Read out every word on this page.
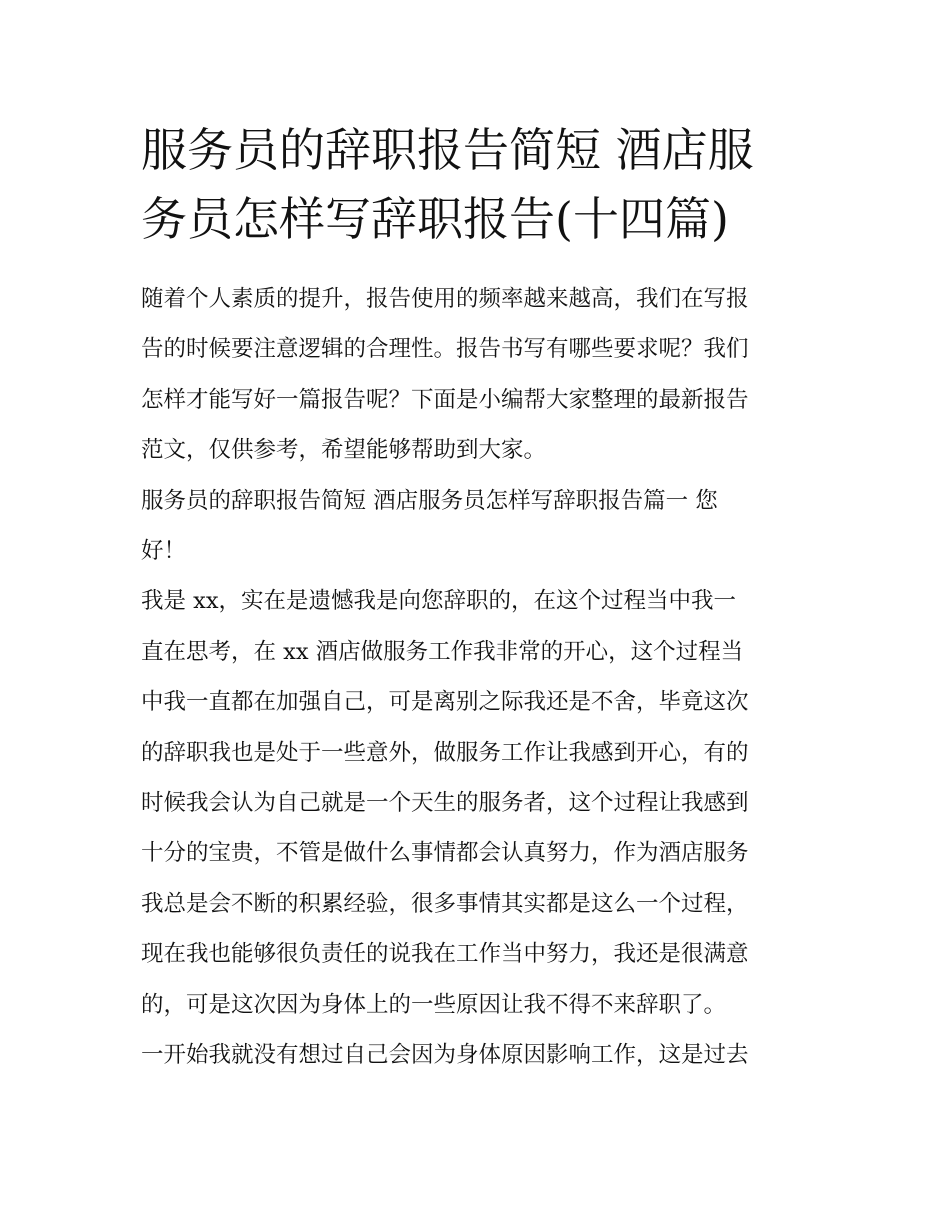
服务员的辞职报告简短 酒店服
务员怎样写辞职报告(十四篇)

随着个人素质的提升，报告使用的频率越来越高，我们在写报
告的时候要注意逻辑的合理性。报告书写有哪些要求呢？我们
怎样才能写好一篇报告呢？下面是小编帮大家整理的最新报告
范文，仅供参考，希望能够帮助到大家。

服务员的辞职报告简短 酒店服务员怎样写辞职报告篇一 您
好！

我是 xx，实在是遗憾我是向您辞职的，在这个过程当中我一
直在思考，在 xx 酒店做服务工作我非常的开心，这个过程当
中我一直都在加强自己，可是离别之际我还是不舍，毕竟这次
的辞职我也是处于一些意外，做服务工作让我感到开心，有的
时候我会认为自己就是一个天生的服务者，这个过程让我感到
十分的宝贵，不管是做什么事情都会认真努力，作为酒店服务
我总是会不断的积累经验，很多事情其实都是这么一个过程，
现在我也能够很负责任的说我在工作当中努力，我还是很满意
的，可是这次因为身体上的一些原因让我不得不来辞职了。

一开始我就没有想过自己会因为身体原因影响工作，这是过去
